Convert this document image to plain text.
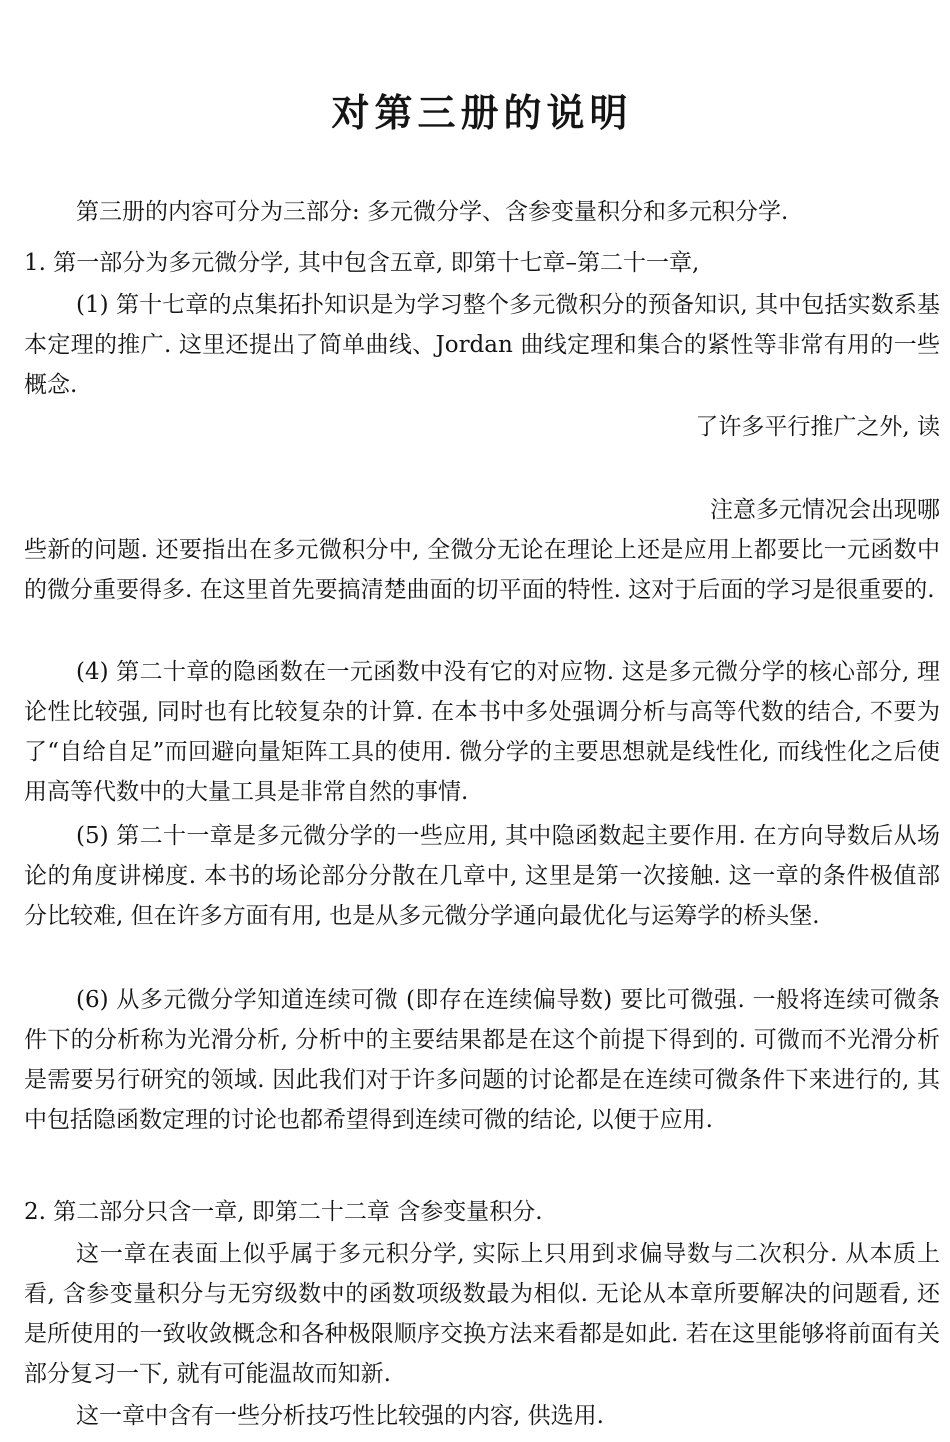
对第三册的说明
第三册的内容可分为三部分: 多元微分学、含参变量积分和多元积分学.
1. 第一部分为多元微分学, 其中包含五章, 即第十七章–第二十一章,
(1) 第十七章的点集拓扑知识是为学习整个多元微积分的预备知识, 其中包括实数系基本定理的推广. 这里还提出了简单曲线、Jordan 曲线定理和集合的紧性等非常有用的一些概念.
了许多平行推广之外, 读
注意多元情况会出现哪
些新的问题. 还要指出在多元微积分中, 全微分无论在理论上还是应用上都要比一元函数中的微分重要得多. 在这里首先要搞清楚曲面的切平面的特性. 这对于后面的学习是很重要的.
(4) 第二十章的隐函数在一元函数中没有它的对应物. 这是多元微分学的核心部分, 理论性比较强, 同时也有比较复杂的计算. 在本书中多处强调分析与高等代数的结合, 不要为了“自给自足”而回避向量矩阵工具的使用. 微分学的主要思想就是线性化, 而线性化之后使用高等代数中的大量工具是非常自然的事情.
(5) 第二十一章是多元微分学的一些应用, 其中隐函数起主要作用. 在方向导数后从场论的角度讲梯度. 本书的场论部分分散在几章中, 这里是第一次接触. 这一章的条件极值部分比较难, 但在许多方面有用, 也是从多元微分学通向最优化与运筹学的桥头堡.
(6) 从多元微分学知道连续可微 (即存在连续偏导数) 要比可微强. 一般将连续可微条件下的分析称为光滑分析, 分析中的主要结果都是在这个前提下得到的. 可微而不光滑分析是需要另行研究的领域. 因此我们对于许多问题的讨论都是在连续可微条件下来进行的, 其中包括隐函数定理的讨论也都希望得到连续可微的结论, 以便于应用.
2. 第二部分只含一章, 即第二十二章 含参变量积分.
这一章在表面上似乎属于多元积分学, 实际上只用到求偏导数与二次积分. 从本质上看, 含参变量积分与无穷级数中的函数项级数最为相似. 无论从本章所要解决的问题看, 还是所使用的一致收敛概念和各种极限顺序交换方法来看都是如此. 若在这里能够将前面有关部分复习一下, 就有可能温故而知新.
这一章中含有一些分析技巧性比较强的内容, 供选用.
